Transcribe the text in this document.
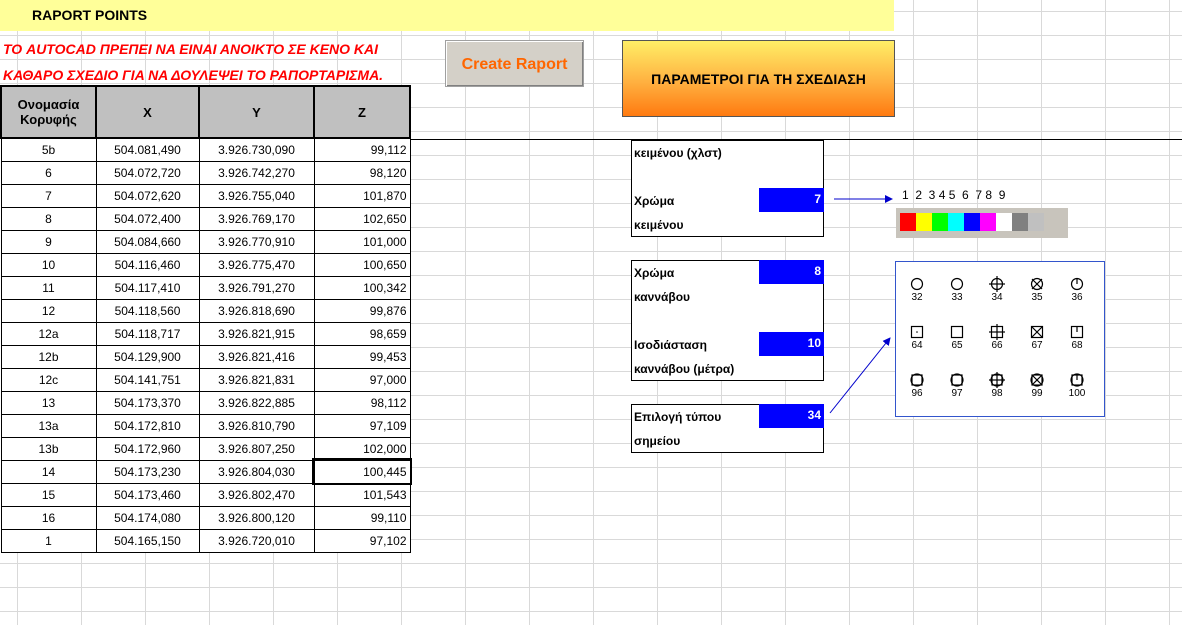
RAPORT POINTS
ΤΟ AUTOCAD ΠΡΕΠΕΙ ΝΑ ΕΙΝΑΙ ΑΝΟΙΚΤΟ ΣΕ ΚΕΝΟ ΚΑΙ
ΚΑΘΑΡΟ ΣΧΕΔΙΟ ΓΙΑ ΝΑ ΔΟΥΛΕΨΕΙ ΤΟ ΡΑΠΟΡΤΑΡΙΣΜΑ.
Create Raport
ΠΑΡΑΜΕΤΡΟΙ ΓΙΑ ΤΗ ΣΧΕΔΙΑΣΗ
Ονομασία
Κορυφής	X	Y	Z
5b	504.081,490	3.926.730,090	99,112
6	504.072,720	3.926.742,270	98,120
7	504.072,620	3.926.755,040	101,870
8	504.072,400	3.926.769,170	102,650
9	504.084,660	3.926.770,910	101,000
10	504.116,460	3.926.775,470	100,650
11	504.117,410	3.926.791,270	100,342
12	504.118,560	3.926.818,690	99,876
12a	504.118,717	3.926.821,915	98,659
12b	504.129,900	3.926.821,416	99,453
12c	504.141,751	3.926.821,831	97,000
13	504.173,370	3.926.822,885	98,112
13a	504.172,810	3.926.810,790	97,109
13b	504.172,960	3.926.807,250	102,000
14	504.173,230	3.926.804,030	100,445
15	504.173,460	3.926.802,470	101,543
16	504.174,080	3.926.800,120	99,110
1	504.165,150	3.926.720,010	97,102
κειμένου (χλστ)
Χρώμα
κειμένου
7
Χρώμα
καννάβου
8
Ισοδιάσταση
καννάβου (μέτρα)
10
Επιλογή τύπου
σημείου
34
1  2  3 4 5  6  7 8  9
32	33	34	35	36
64	65	66	67	68
96	97	98	99	100
